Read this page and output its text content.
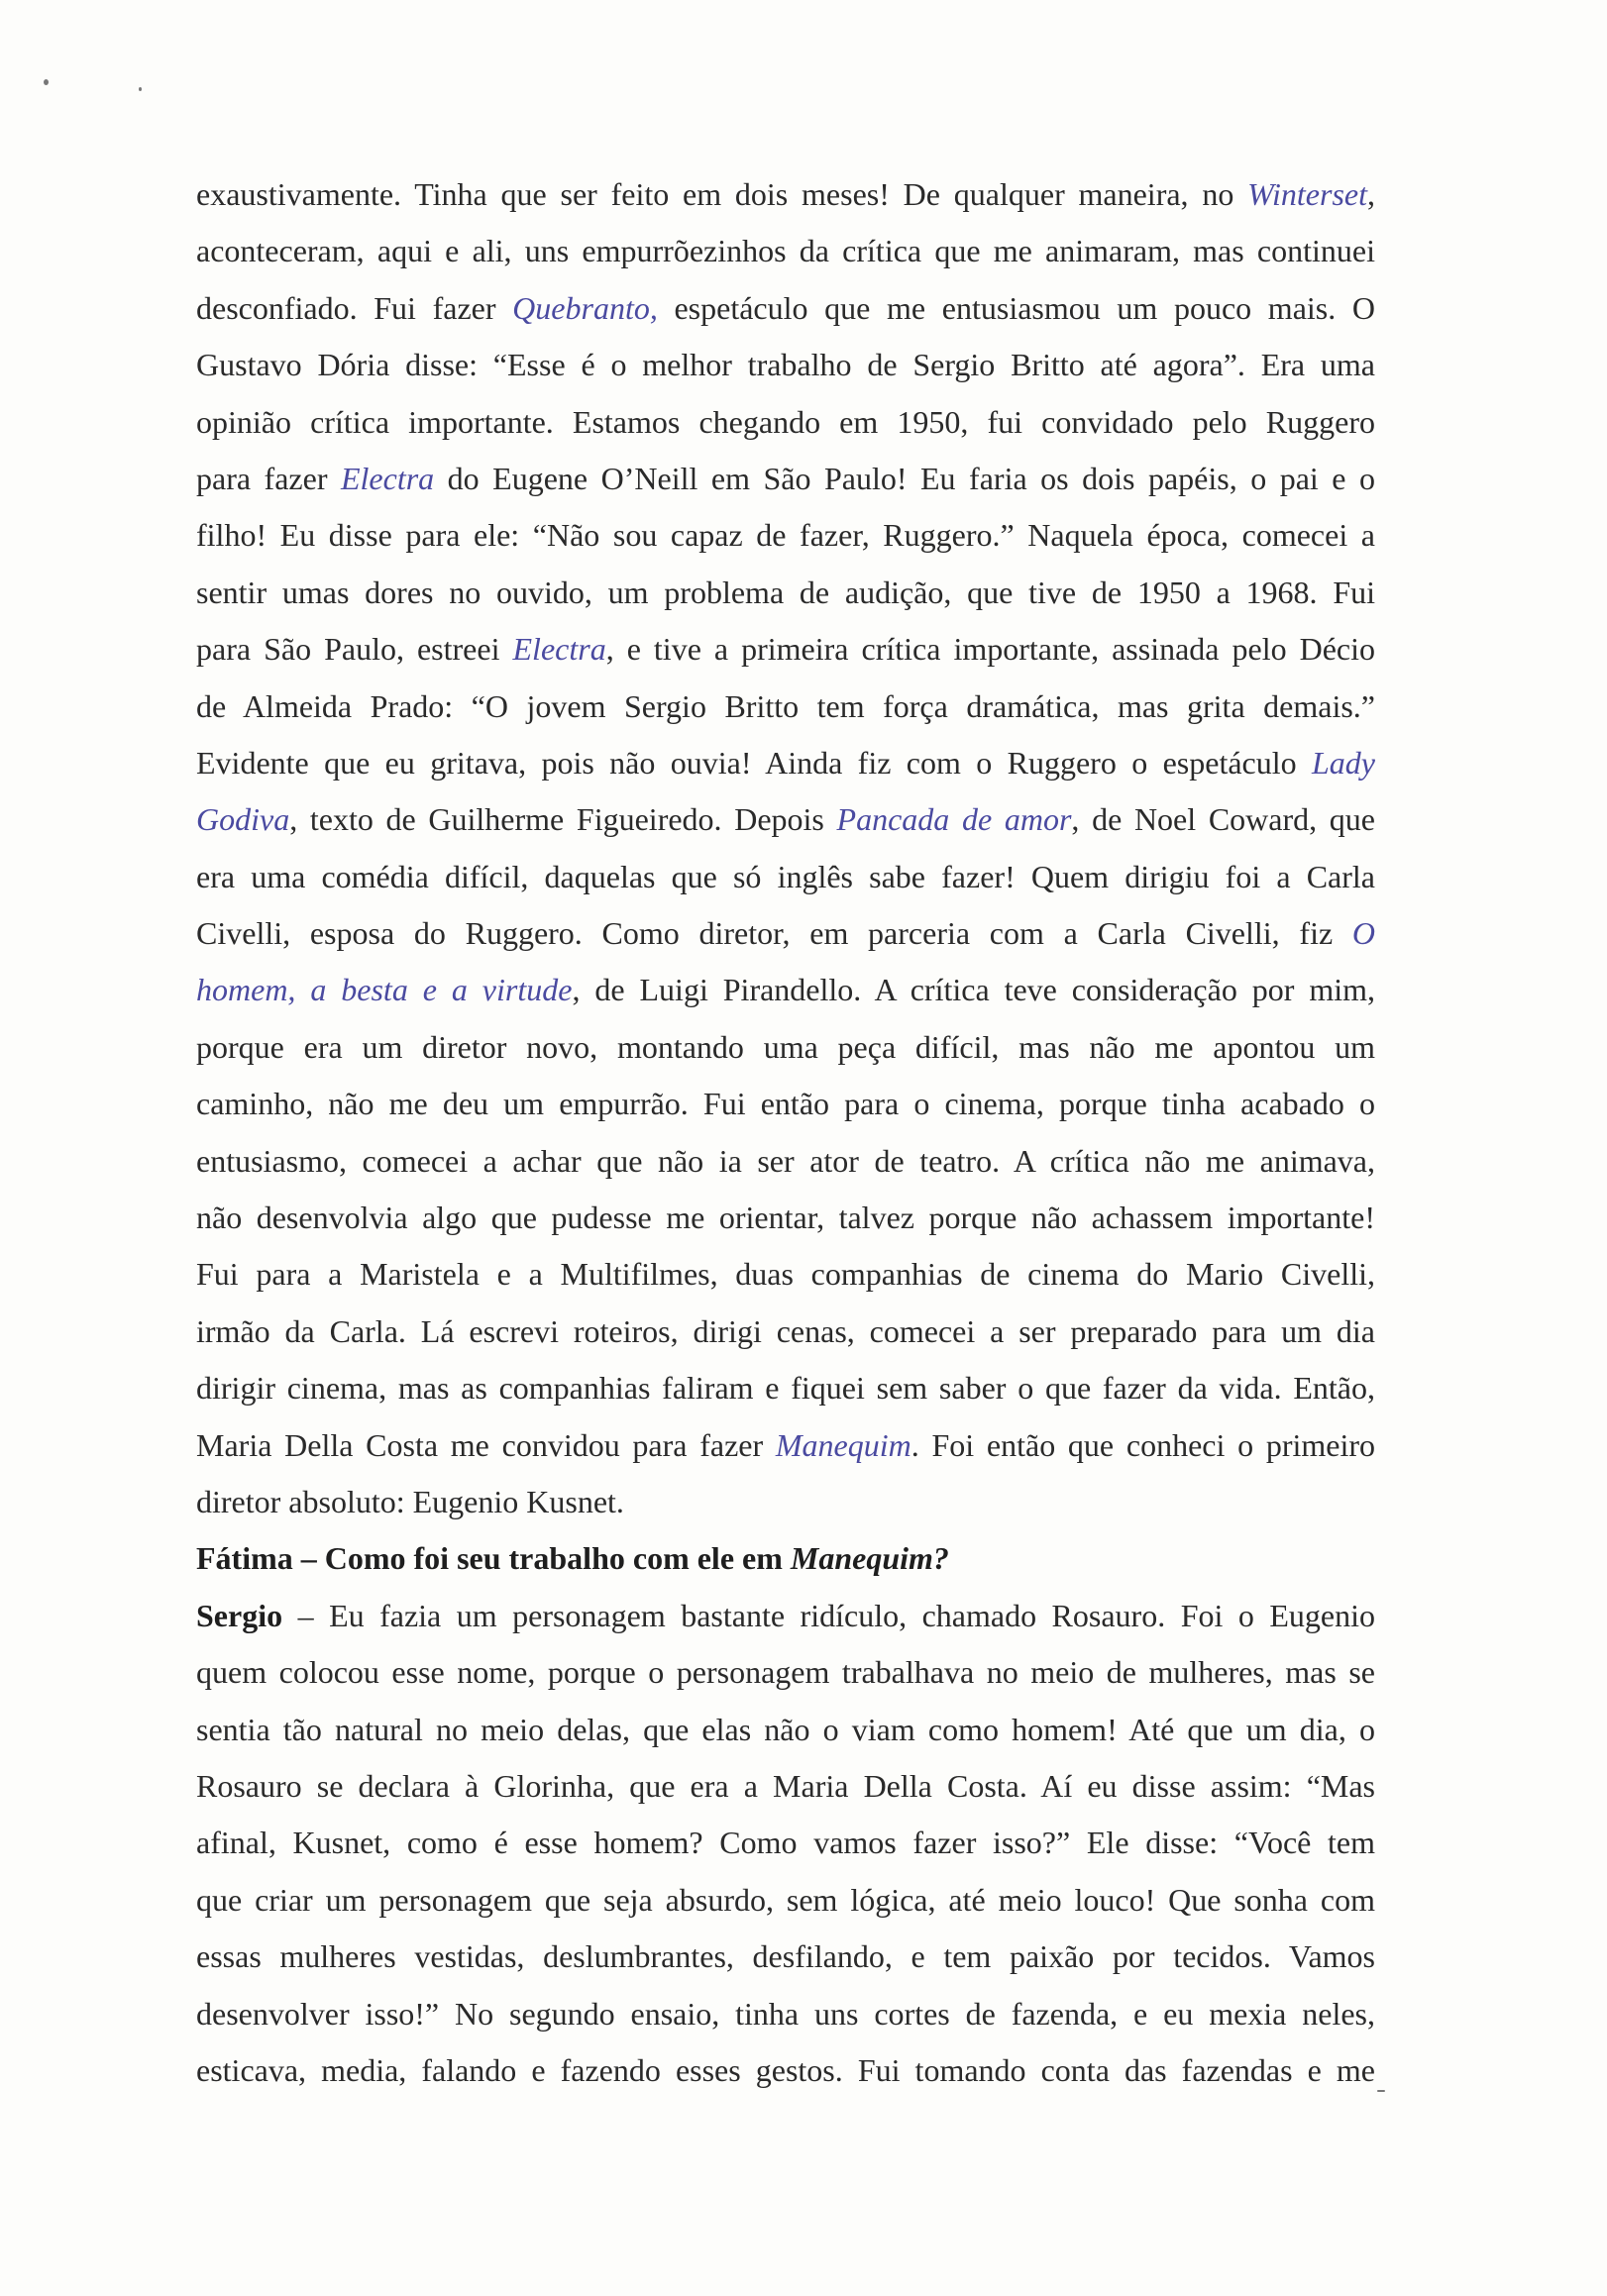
exaustivamente. Tinha que ser feito em dois meses! De qualquer maneira, no Winterset,
aconteceram, aqui e ali, uns empurrõezinhos da crítica que me animaram, mas continuei
desconfiado. Fui fazer Quebranto, espetáculo que me entusiasmou um pouco mais. O
Gustavo Dória disse: “Esse é o melhor trabalho de Sergio Britto até agora”. Era uma
opinião crítica importante. Estamos chegando em 1950, fui convidado pelo Ruggero
para fazer Electra do Eugene O’Neill em São Paulo! Eu faria os dois papéis, o pai e o
filho! Eu disse para ele: “Não sou capaz de fazer, Ruggero.” Naquela época, comecei a
sentir umas dores no ouvido, um problema de audição, que tive de 1950 a 1968. Fui
para São Paulo, estreei Electra, e tive a primeira crítica importante, assinada pelo Décio
de Almeida Prado: “O jovem Sergio Britto tem força dramática, mas grita demais.”
Evidente que eu gritava, pois não ouvia! Ainda fiz com o Ruggero o espetáculo Lady
Godiva, texto de Guilherme Figueiredo. Depois Pancada de amor, de Noel Coward, que
era uma comédia difícil, daquelas que só inglês sabe fazer! Quem dirigiu foi a Carla
Civelli, esposa do Ruggero. Como diretor, em parceria com a Carla Civelli, fiz O
homem, a besta e a virtude, de Luigi Pirandello. A crítica teve consideração por mim,
porque era um diretor novo, montando uma peça difícil, mas não me apontou um
caminho, não me deu um empurrão. Fui então para o cinema, porque tinha acabado o
entusiasmo, comecei a achar que não ia ser ator de teatro. A crítica não me animava,
não desenvolvia algo que pudesse me orientar, talvez porque não achassem importante!
Fui para a Maristela e a Multifilmes, duas companhias de cinema do Mario Civelli,
irmão da Carla. Lá escrevi roteiros, dirigi cenas, comecei a ser preparado para um dia
dirigir cinema, mas as companhias faliram e fiquei sem saber o que fazer da vida. Então,
Maria Della Costa me convidou para fazer Manequim. Foi então que conheci o primeiro
diretor absoluto: Eugenio Kusnet.
Fátima – Como foi seu trabalho com ele em Manequim?
Sergio – Eu fazia um personagem bastante ridículo, chamado Rosauro. Foi o Eugenio
quem colocou esse nome, porque o personagem trabalhava no meio de mulheres, mas se
sentia tão natural no meio delas, que elas não o viam como homem! Até que um dia, o
Rosauro se declara à Glorinha, que era a Maria Della Costa. Aí eu disse assim: “Mas
afinal, Kusnet, como é esse homem? Como vamos fazer isso?” Ele disse: “Você tem
que criar um personagem que seja absurdo, sem lógica, até meio louco! Que sonha com
essas mulheres vestidas, deslumbrantes, desfilando, e tem paixão por tecidos. Vamos
desenvolver isso!” No segundo ensaio, tinha uns cortes de fazenda, e eu mexia neles,
esticava, media, falando e fazendo esses gestos. Fui tomando conta das fazendas e me
